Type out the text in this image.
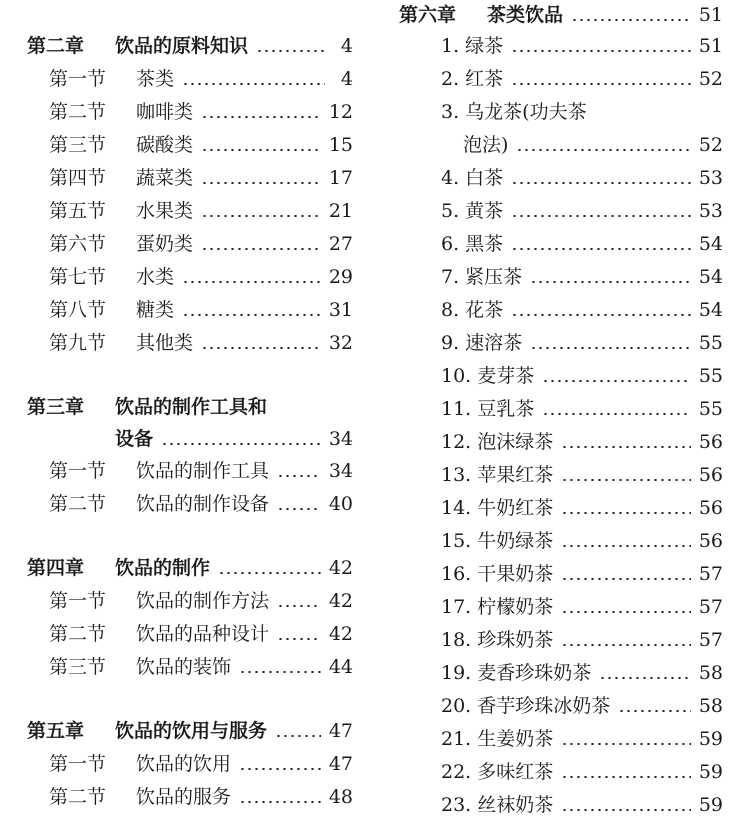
第二章	饮品的原料知识	4
第一节	茶类	4
第二节	咖啡类	12
第三节	碳酸类	15
第四节	蔬菜类	17
第五节	水果类	21
第六节	蛋奶类	27
第七节	水类	29
第八节	糖类	31
第九节	其他类	32
第三章	饮品的制作工具和
设备	34
第一节	饮品的制作工具	34
第二节	饮品的制作设备	40
第四章	饮品的制作	42
第一节	饮品的制作方法	42
第二节	饮品的品种设计	42
第三节	饮品的装饰	44
第五章	饮品的饮用与服务	47
第一节	饮品的饮用	47
第二节	饮品的服务	48
第六章	茶类饮品	51
1. 绿茶	51
2. 红茶	52
3. 乌龙茶(功夫茶
泡法)	52
4. 白茶	53
5. 黄茶	53
6. 黑茶	54
7. 紧压茶	54
8. 花茶	54
9. 速溶茶	55
10. 麦芽茶	55
11. 豆乳茶	55
12. 泡沫绿茶	56
13. 苹果红茶	56
14. 牛奶红茶	56
15. 牛奶绿茶	56
16. 干果奶茶	57
17. 柠檬奶茶	57
18. 珍珠奶茶	57
19. 麦香珍珠奶茶	58
20. 香芋珍珠冰奶茶	58
21. 生姜奶茶	59
22. 多味红茶	59
23. 丝袜奶茶	59
